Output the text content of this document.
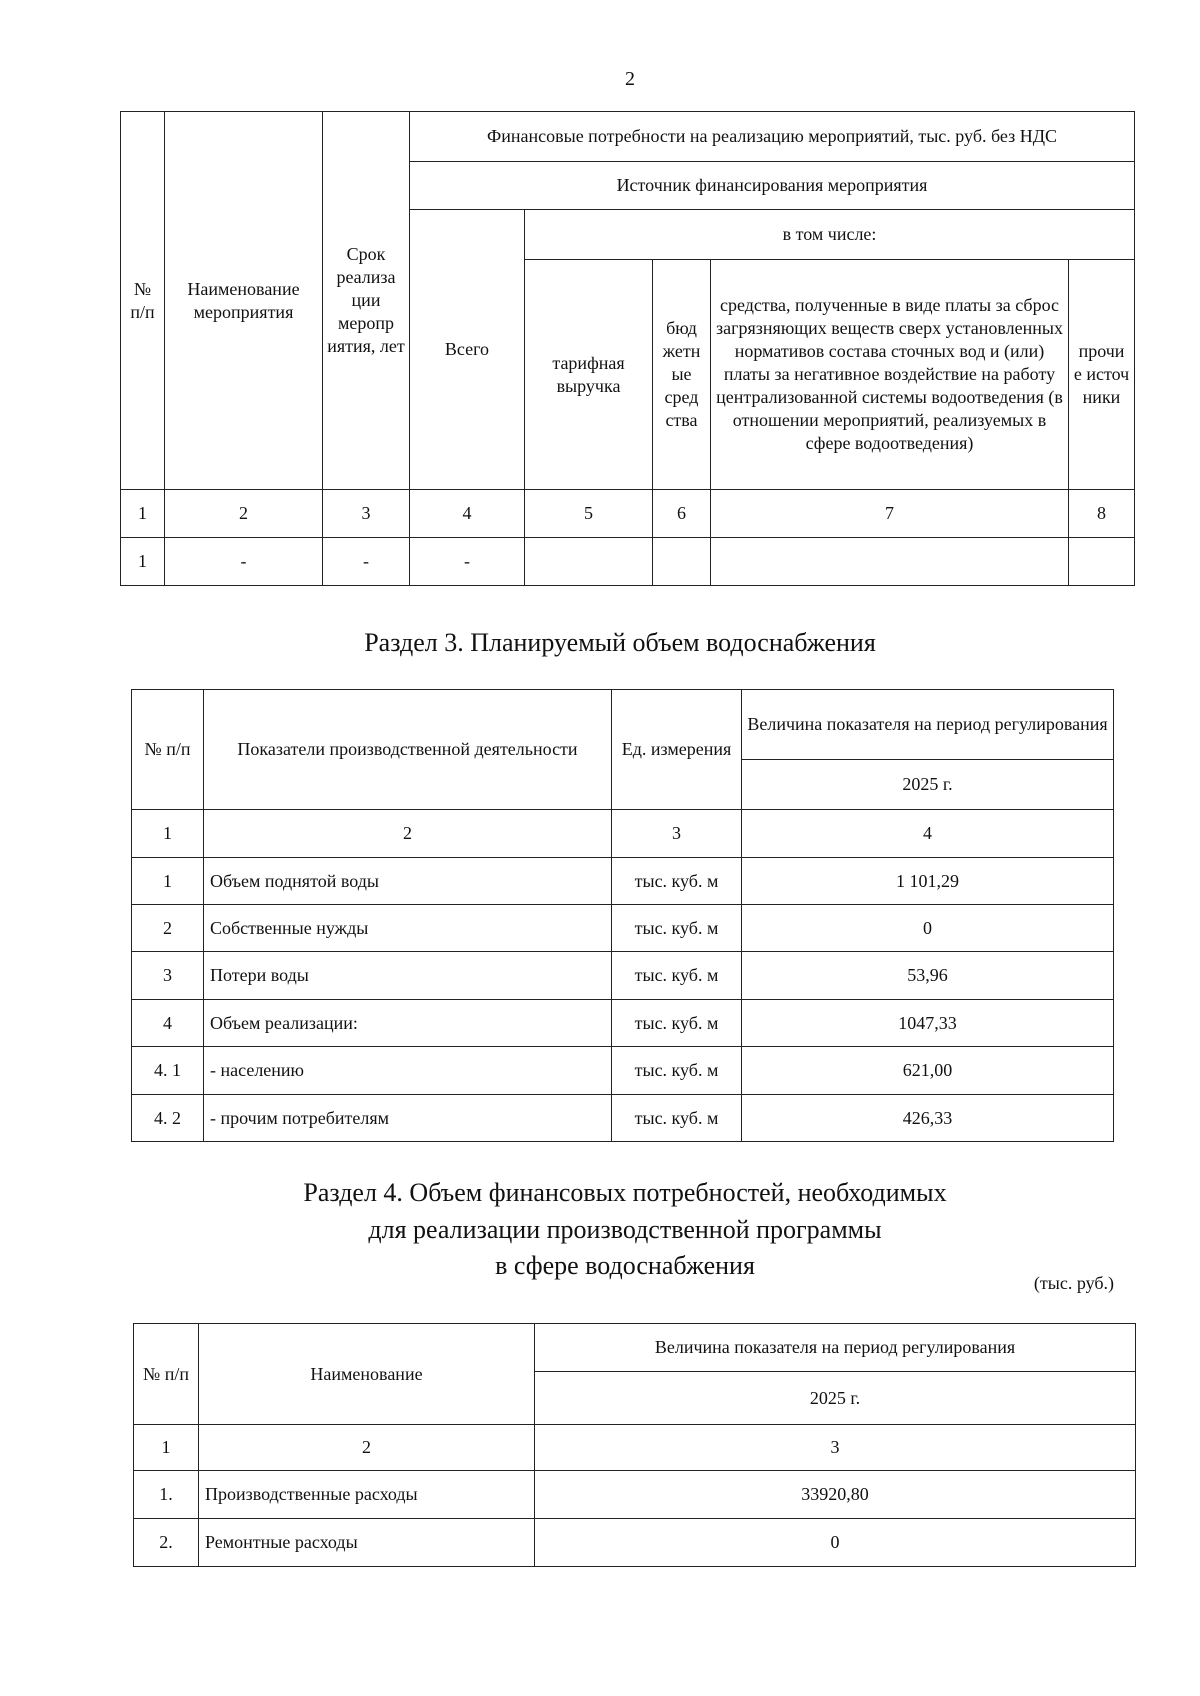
2
№ п/п	Наименование мероприятия	Срок реализа ции меропр иятия, лет	Финансовые потребности на реализацию мероприятий, тыс. руб. без НДС				
			Источник финансирования мероприятия				
			Всего	в том числе:			
				тарифная выручка	бюд жетн ые сред ства	средства, полученные в виде платы за сброс загрязняющих веществ сверх установленных нормативов состава сточных вод и (или) платы за негативное воздействие на работу централизованной системы водоотведения (в отношении мероприятий, реализуемых в сфере водоотведения)	прочи е источ ники
1	2	3	4	5	6	7	8
1	-	-	-				
Раздел 3. Планируемый объем водоснабжения
№ п/п	Показатели производственной деятельности	Ед. измерения	Величина показателя на период регулирования
			2025 г.
1	2	3	4
1	Объем поднятой воды	тыс. куб. м	1 101,29
2	Собственные нужды	тыс. куб. м	0
3	Потери воды	тыс. куб. м	53,96
4	Объем реализации:	тыс. куб. м	1047,33
4. 1	- населению	тыс. куб. м	621,00
4. 2	- прочим потребителям	тыс. куб. м	426,33
Раздел 4. Объем финансовых потребностей, необходимых
для реализации производственной программы
в сфере водоснабжения
(тыс. руб.)
№ п/п	Наименование	Величина показателя на период регулирования
		2025 г.
1	2	3
1.	Производственные расходы	33920,80
2.	Ремонтные расходы	0
